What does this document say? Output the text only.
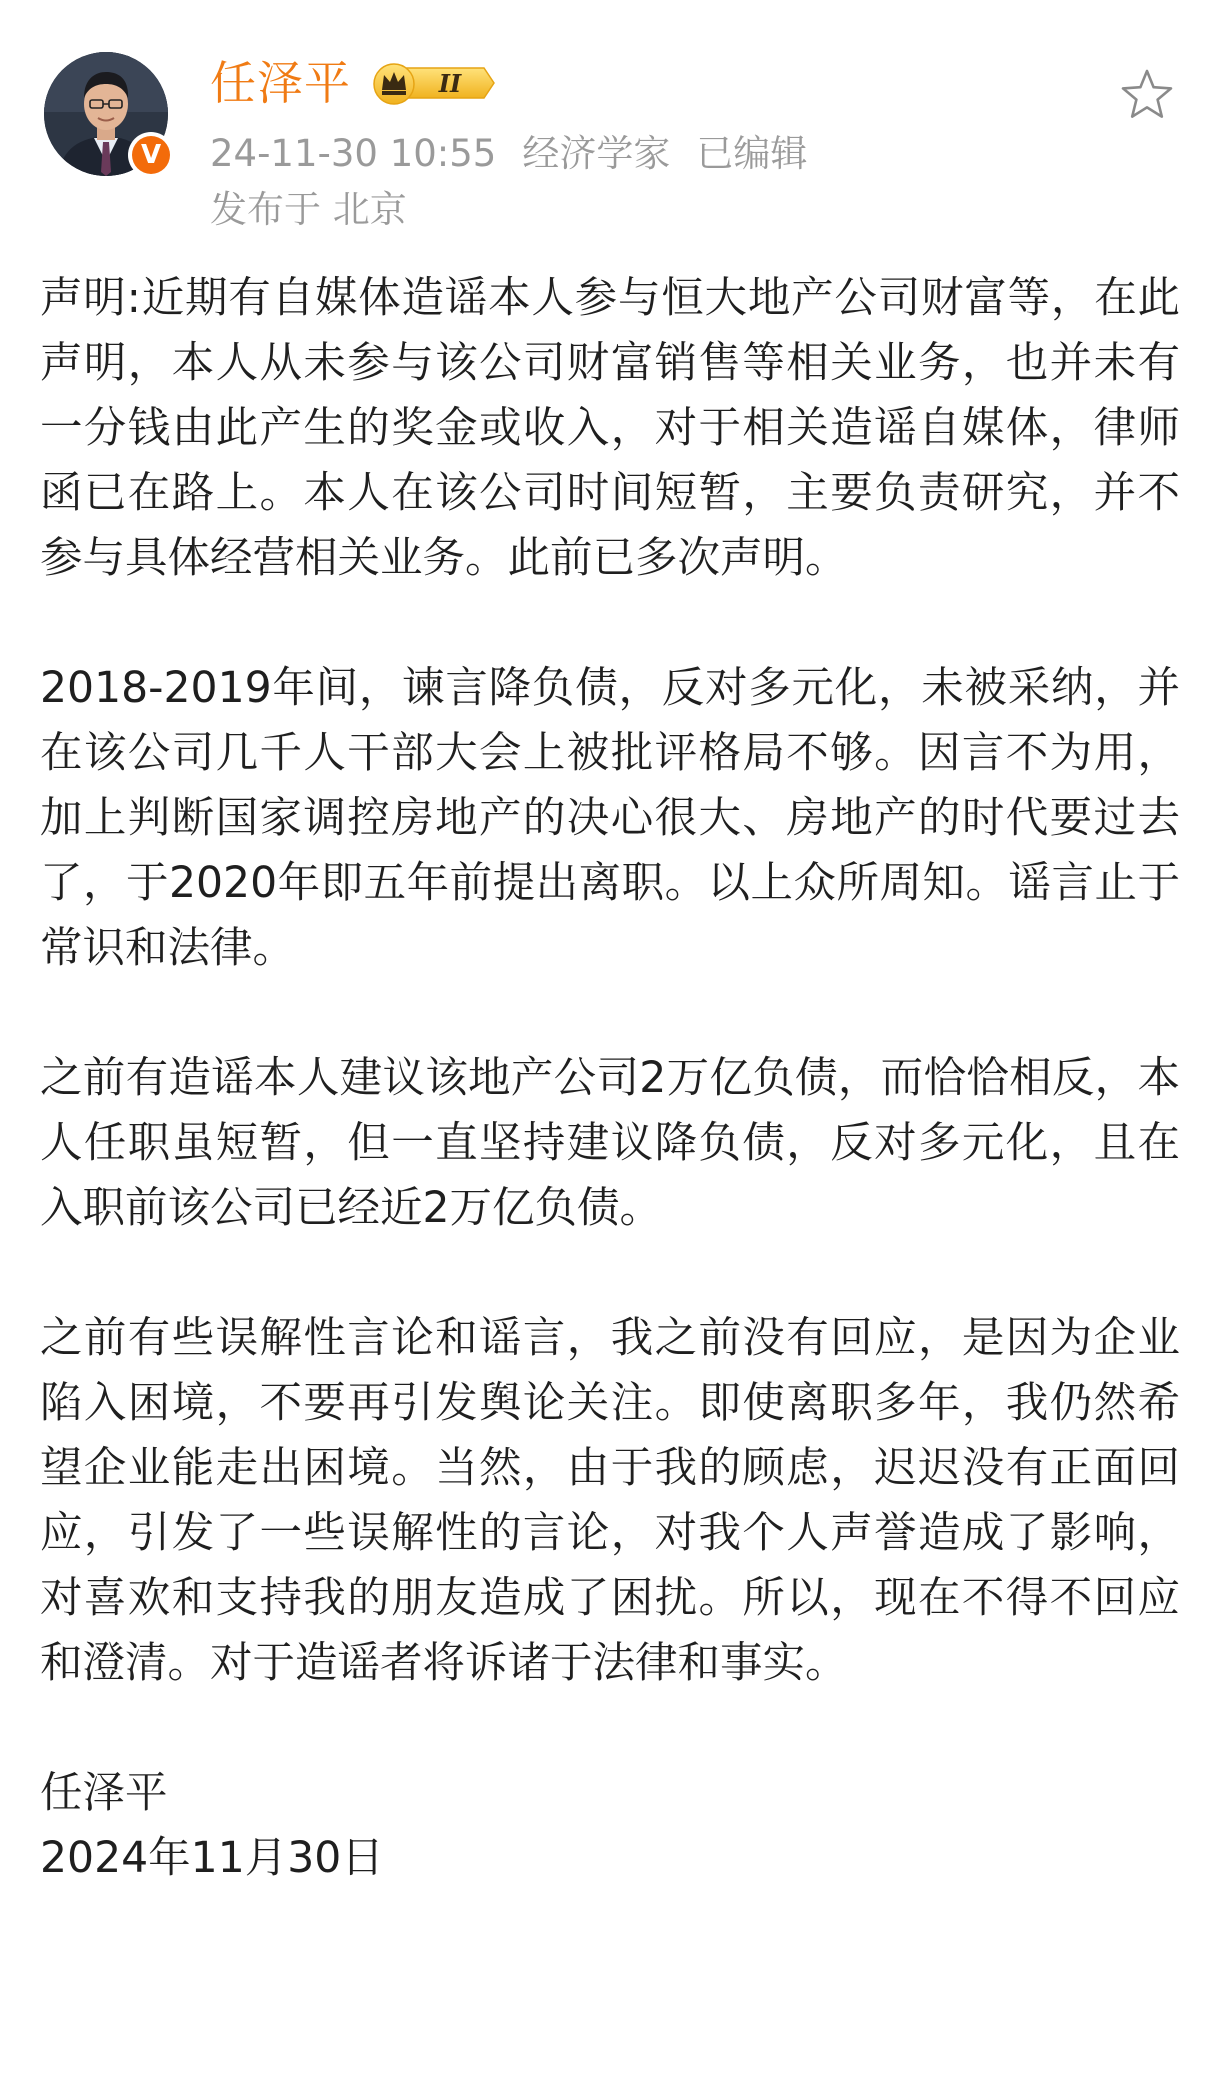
V
任泽平	II
24-11-30 10:55 经济学家 已编辑
发布于 北京

声明:近期有自媒体造谣本人参与恒大地产公司财富等，在此声明，本人从未参与该公司财富销售等相关业务，也并未有一分钱由此产生的奖金或收入，对于相关造谣自媒体，律师函已在路上。本人在该公司时间短暂，主要负责研究，并不参与具体经营相关业务。此前已多次声明。

2018-2019年间，谏言降负债，反对多元化，未被采纳，并在该公司几千人干部大会上被批评格局不够。因言不为用，加上判断国家调控房地产的决心很大、房地产的时代要过去了，于2020年即五年前提出离职。以上众所周知。谣言止于常识和法律。

之前有造谣本人建议该地产公司2万亿负债，而恰恰相反，本人任职虽短暂，但一直坚持建议降负债，反对多元化，且在入职前该公司已经近2万亿负债。

之前有些误解性言论和谣言，我之前没有回应，是因为企业陷入困境，不要再引发舆论关注。即使离职多年，我仍然希望企业能走出困境。当然，由于我的顾虑，迟迟没有正面回应，引发了一些误解性的言论，对我个人声誉造成了影响，对喜欢和支持我的朋友造成了困扰。所以，现在不得不回应和澄清。对于造谣者将诉诸于法律和事实。

任泽平
2024年11月30日
